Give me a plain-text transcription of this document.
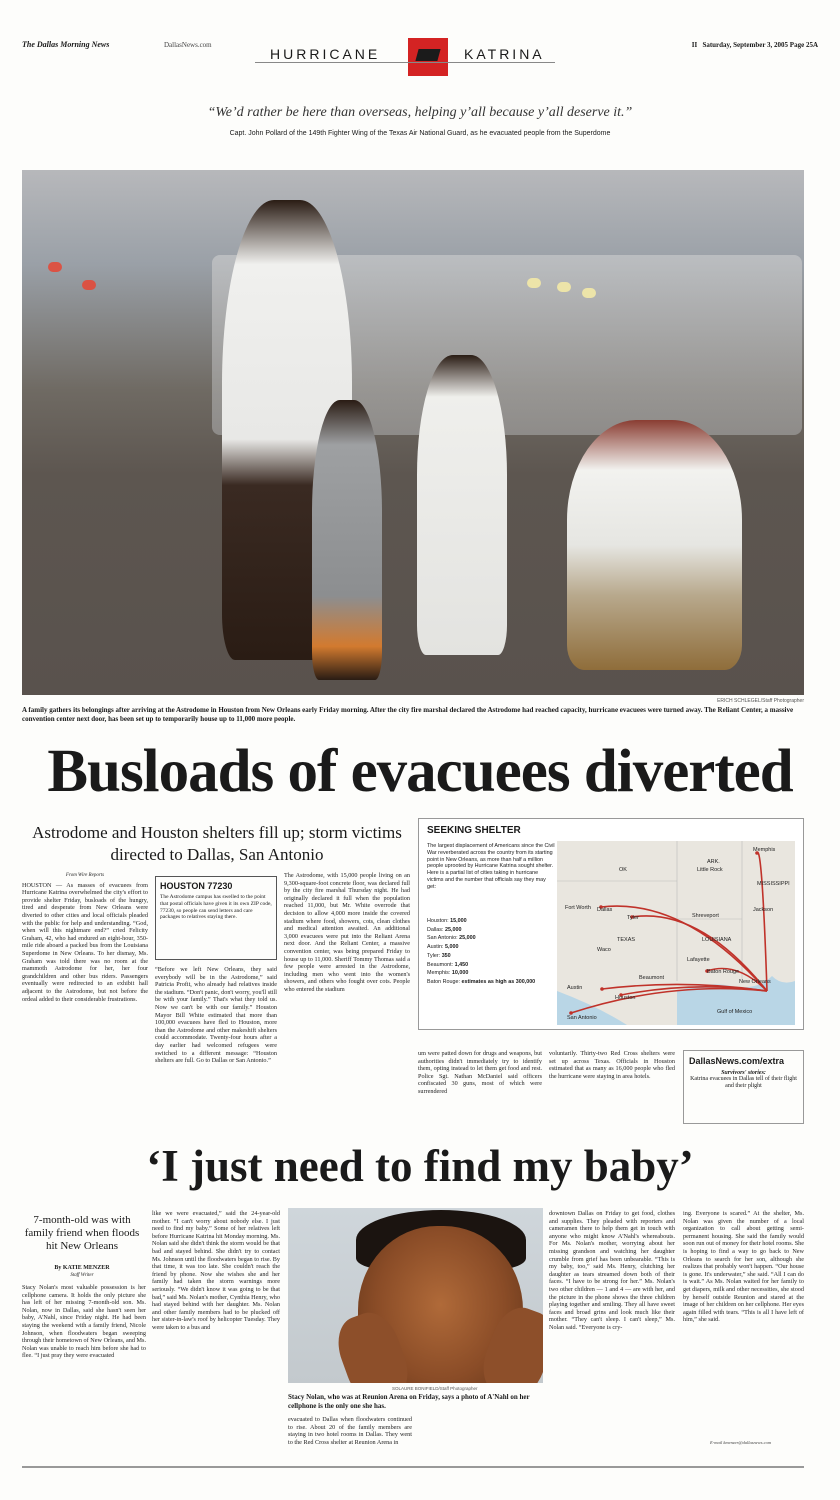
The Dallas Morning News	DallasNews.com
HURRICANE	KATRINA
II Saturday, September 3, 2005 Page 25A
“We’d rather be here than overseas, helping y’all because y’all deserve it.”
Capt. John Pollard of the 149th Fighter Wing of the Texas Air National Guard, as he evacuated people from the Superdome
ERICH SCHLEGEL/Staff Photographer
A family gathers its belongings after arriving at the Astrodome in Houston from New Orleans early Friday morning. After the city fire marshal declared the Astrodome had reached capacity, hurricane evacuees were turned away. The Reliant Center, a massive convention center next door, has been set up to temporarily house up to 11,000 more people.
Busloads of evacuees diverted
Astrodome and Houston shelters fill up; storm victims directed to Dallas, San Antonio
From Wire Reports
HOUSTON — As masses of evacuees from Hurricane Katrina overwhelmed the city's effort to provide shelter Friday, busloads of the hungry, tired and desperate from New Orleans were diverted to other cities and local officials pleaded with the public for help and understanding. “God, when will this nightmare end?” cried Felicity Graham, 42, who had endured an eight-hour, 350-mile ride aboard a packed bus from the Louisiana Superdome in New Orleans. To her dismay, Ms. Graham was told there was no room at the mammoth Astrodome for her, her four grandchildren and other bus riders. Passengers eventually were redirected to an exhibit hall adjacent to the Astrodome, but not before the ordeal added to their considerable frustrations.
HOUSTON 77230
The Astrodome campus has swelled to the point that postal officials have given it its own ZIP code, 77230, so people can send letters and care packages to relatives staying there.
“Before we left New Orleans, they said everybody will be in the Astrodome,” said Patricia Profit, who already had relatives inside the stadium. “Don't panic, don't worry, you'll still be with your family.” That's what they told us. Now we can't be with our family.” Houston Mayor Bill White estimated that more than 100,000 evacuees have fled to Houston, more than the Astrodome and other makeshift shelters could accommodate. Twenty-four hours after a day earlier had welcomed refugees were switched to a different message: “Houston shelters are full. Go to Dallas or San Antonio.”
The Astrodome, with 15,000 people living on an 9,300-square-foot concrete floor, was declared full by the city fire marshal Thursday night. He had originally declared it full when the population reached 11,000, but Mr. White overrode that decision to allow 4,000 more inside the covered stadium where food, showers, cots, clean clothes and medical attention awaited. An additional 3,000 evacuees were put into the Reliant Arena next door. And the Reliant Center, a massive convention center, was being prepared Friday to house up to 11,000. Sheriff Tommy Thomas said a few people were arrested in the Astrodome, including men who went into the women's showers, and others who fought over cots. People who entered the stadium
SEEKING SHELTER
The largest displacement of Americans since the Civil War reverberated across the country from its starting point in New Orleans, as more than half a million people uprooted by Hurricane Katrina sought shelter. Here is a partial list of cities taking in hurricane victims and the number that officials say they may get:
Houston: 15,000
Dallas: 25,000
San Antonio: 25,000
Austin: 5,000
Tyler: 350
Beaumont: 1,450
Memphis: 10,000
Baton Rouge: estimates as high as 300,000
Memphis
OK	Little Rock
ARK.
MISSISSIPPI
Fort Worth Dallas
Tyler	Shreveport
Jackson
TEXAS	LOUISIANA
Waco
Lafayette
Beaumont
Baton Rouge
Austin
Houston
New Orleans
San Antonio
Gulf of Mexico
um were patted down for drugs and weapons, but authorities didn't immediately try to identify them, opting instead to let them get food and rest. Police Sgt. Nathan McDaniel said officers confiscated 30 guns, most of which were surrendered
voluntarily. Thirty-two Red Cross shelters were set up across Texas. Officials in Houston estimated that as many as 16,000 people who fled the hurricane were staying in area hotels.
DallasNews.com/extra
Survivors' stories:
Katrina evacuees in Dallas tell of their flight and their plight
‘I just need to find my baby’
7-month-old was with family friend when floods hit New Orleans
By KATIE MENZER
Staff Writer
Stacy Nolan's most valuable possession is her cellphone camera. It holds the only picture she has left of her missing 7-month-old son. Ms. Nolan, now in Dallas, said she hasn't seen her baby, A'Nahl, since Friday night. He had been staying the weekend with a family friend, Nicole Johnson, when floodwaters began sweeping through their hometown of New Orleans, and Ms. Nolan was unable to reach him before she had to flee. “I just pray they were evacuated
like we were evacuated,” said the 24-year-old mother. “I can't worry about nobody else. I just need to find my baby.” Some of her relatives left before Hurricane Katrina hit Monday morning. Ms. Nolan said she didn't think the storm would be that bad and stayed behind. She didn't try to contact Ms. Johnson until the floodwaters began to rise. By that time, it was too late. She couldn't reach the friend by phone. Now she wishes she and her family had taken the storm warnings more seriously. “We didn't know it was going to be that bad,” said Ms. Nolan's mother, Cynthia Henry, who had stayed behind with her daughter. Ms. Nolan and other family members had to be plucked off her sister-in-law's roof by helicopter Tuesday. They were taken to a bus and
SOLAURE BONIFIELD/Staff Photographer
Stacy Nolan, who was at Reunion Arena on Friday, says a photo of A'Nahl on her cellphone is the only one she has.
evacuated to Dallas when floodwaters continued to rise. About 20 of the family members are staying in two hotel rooms in Dallas. They went to the Red Cross shelter at Reunion Arena in
downtown Dallas on Friday to get food, clothes and supplies. They pleaded with reporters and cameramen there to help them get in touch with anyone who might know A'Nahl's whereabouts. For Ms. Nolan's mother, worrying about her missing grandson and watching her daughter crumble from grief has been unbearable. “This is my baby, too,” said Ms. Henry, clutching her daughter as tears streamed down both of their faces. “I have to be strong for her.” Ms. Nolan's two other children — 1 and 4 — are with her, and the picture in the phone shows the three children playing together and smiling. They all have sweet faces and broad grins and look much like their mother. “They can't sleep. I can't sleep,” Ms. Nolan said. “Everyone is cry-
ing. Everyone is scared.” At the shelter, Ms. Nolan was given the number of a local organization to call about getting semi-permanent housing. She said the family would soon run out of money for their hotel rooms. She is hoping to find a way to go back to New Orleans to search for her son, although she realizes that probably won't happen. “Our house is gone. It's underwater,” she said. “All I can do is wait.” As Ms. Nolan waited for her family to get diapers, milk and other necessities, she stood by herself outside Reunion and stared at the image of her children on her cellphone. Her eyes again filled with tears. “This is all I have left of him,” she said.
E-mail kmenzer@dallasnews.com
